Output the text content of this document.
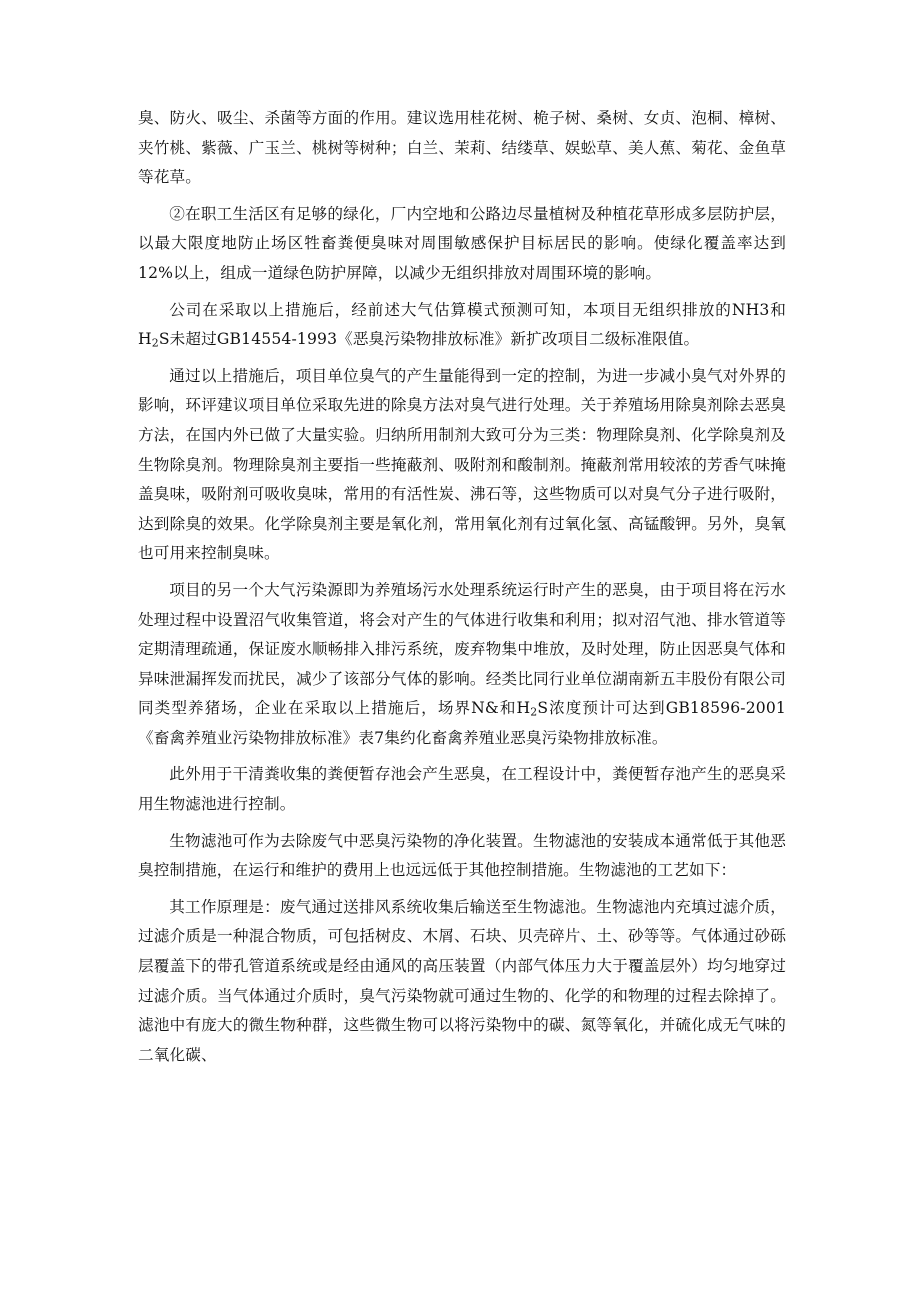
臭、防火、吸尘、杀菌等方面的作用。建议选用桂花树、桅子树、桑树、女贞、泡桐、樟树、夹竹桃、紫薇、广玉兰、桃树等树种；白兰、茉莉、结缕草、娱蚣草、美人蕉、菊花、金鱼草等花草。

②在职工生活区有足够的绿化，厂内空地和公路边尽量植树及种植花草形成多层防护层，以最大限度地防止场区牲畜粪便臭味对周围敏感保护目标居民的影响。使绿化覆盖率达到12%以上，组成一道绿色防护屏障，以减少无组织排放对周围环境的影响。

公司在采取以上措施后，经前述大气估算模式预测可知，本项目无组织排放的NH3和$H_2S$未超过GB14554-1993《恶臭污染物排放标准》新扩改项目二级标准限值。

通过以上措施后，项目单位臭气的产生量能得到一定的控制，为进一步减小臭气对外界的影响，环评建议项目单位采取先进的除臭方法对臭气进行处理。关于养殖场用除臭剂除去恶臭方法，在国内外已做了大量实验。归纳所用制剂大致可分为三类：物理除臭剂、化学除臭剂及生物除臭剂。物理除臭剂主要指一些掩蔽剂、吸附剂和酸制剂。掩蔽剂常用较浓的芳香气味掩盖臭味，吸附剂可吸收臭味，常用的有活性炭、沸石等，这些物质可以对臭气分子进行吸附，达到除臭的效果。化学除臭剂主要是氧化剂，常用氧化剂有过氧化氢、高锰酸钾。另外，臭氧也可用来控制臭味。

项目的另一个大气污染源即为养殖场污水处理系统运行时产生的恶臭，由于项目将在污水处理过程中设置沼气收集管道，将会对产生的气体进行收集和利用；拟对沼气池、排水管道等定期清理疏通，保证废水顺畅排入排污系统，废弃物集中堆放，及时处理，防止因恶臭气体和异味泄漏挥发而扰民，减少了该部分气体的影响。经类比同行业单位湖南新五丰股份有限公司同类型养猪场，企业在采取以上措施后，场界N&和$H_2S$浓度预计可达到GB18596-2001《畜禽养殖业污染物排放标准》表7集约化畜禽养殖业恶臭污染物排放标准。

此外用于干清粪收集的粪便暂存池会产生恶臭，在工程设计中，粪便暂存池产生的恶臭采用生物滤池进行控制。

生物滤池可作为去除废气中恶臭污染物的净化装置。生物滤池的安装成本通常低于其他恶臭控制措施，在运行和维护的费用上也远远低于其他控制措施。生物滤池的工艺如下：

其工作原理是：废气通过送排风系统收集后输送至生物滤池。生物滤池内充填过滤介质，过滤介质是一种混合物质，可包括树皮、木屑、石块、贝壳碎片、土、砂等等。气体通过砂砾层覆盖下的带孔管道系统或是经由通风的高压装置（内部气体压力大于覆盖层外）均匀地穿过过滤介质。当气体通过介质时，臭气污染物就可通过生物的、化学的和物理的过程去除掉了。滤池中有庞大的微生物种群，这些微生物可以将污染物中的碳、氮等氧化，并硫化成无气味的二氧化碳、
